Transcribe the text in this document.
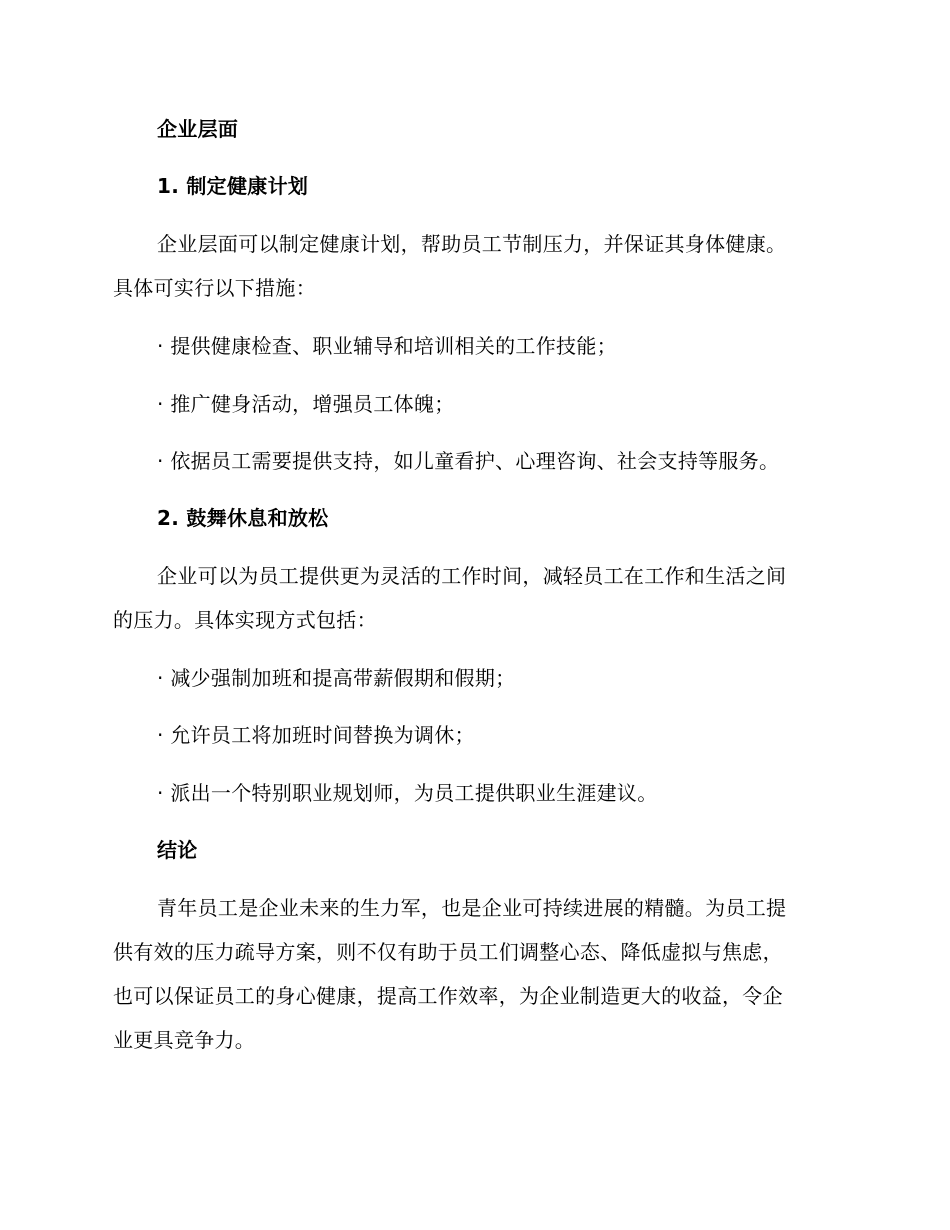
企业层面
1. 制定健康计划
企业层面可以制定健康计划，帮助员工节制压力，并保证其身体健康。
具体可实行以下措施：
· 提供健康检查、职业辅导和培训相关的工作技能；
· 推广健身活动，增强员工体魄；
· 依据员工需要提供支持，如儿童看护、心理咨询、社会支持等服务。
2. 鼓舞休息和放松
企业可以为员工提供更为灵活的工作时间，减轻员工在工作和生活之间
的压力。具体实现方式包括：
· 减少强制加班和提高带薪假期和假期；
· 允许员工将加班时间替换为调休；
· 派出一个特别职业规划师，为员工提供职业生涯建议。
结论
青年员工是企业未来的生力军，也是企业可持续进展的精髓。为员工提
供有效的压力疏导方案，则不仅有助于员工们调整心态、降低虚拟与焦虑，
也可以保证员工的身心健康，提高工作效率，为企业制造更大的收益，令企
业更具竞争力。
